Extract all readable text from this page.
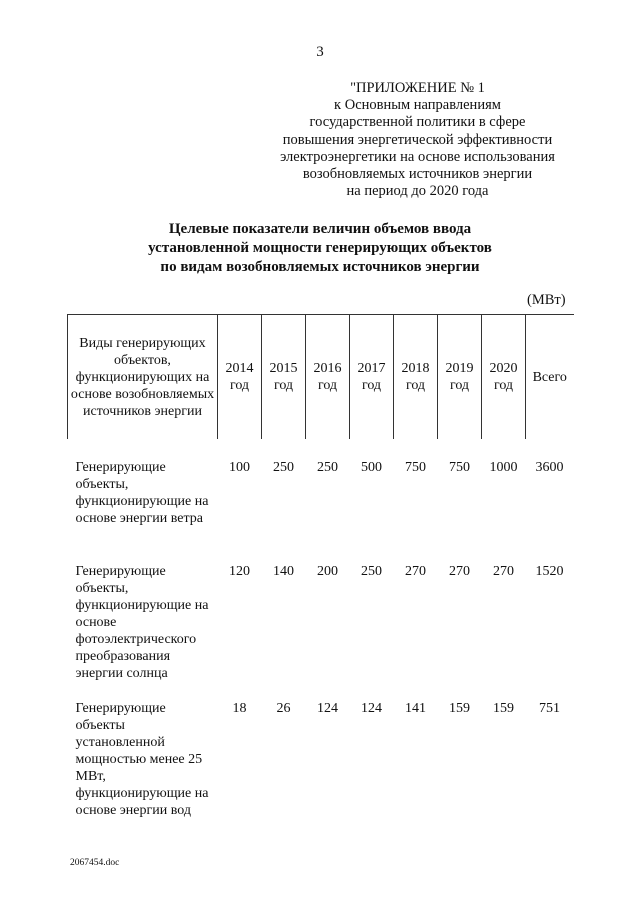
3
"ПРИЛОЖЕНИЕ № 1
к Основным направлениям
государственной политики в сфере
повышения энергетической эффективности
электроэнергетики на основе использования
возобновляемых источников энергии
на период до 2020 года
Целевые показатели величин объемов ввода
установленной мощности генерирующих объектов
по видам возобновляемых источников энергии
(МВт)
Виды генерирующих объектов, функционирующих на основе возобновляемых источников энергии	2014 год	2015 год	2016 год	2017 год	2018 год	2019 год	2020 год	Всего
Генерирующие объекты, функционирующие на основе энергии ветра	100	250	250	500	750	750	1000	3600
Генерирующие объекты, функционирующие на основе фотоэлектрического преобразования энергии солнца	120	140	200	250	270	270	270	1520
Генерирующие объекты установленной мощностью менее 25 МВт, функционирующие на основе энергии вод	18	26	124	124	141	159	159	751
2067454.doc
